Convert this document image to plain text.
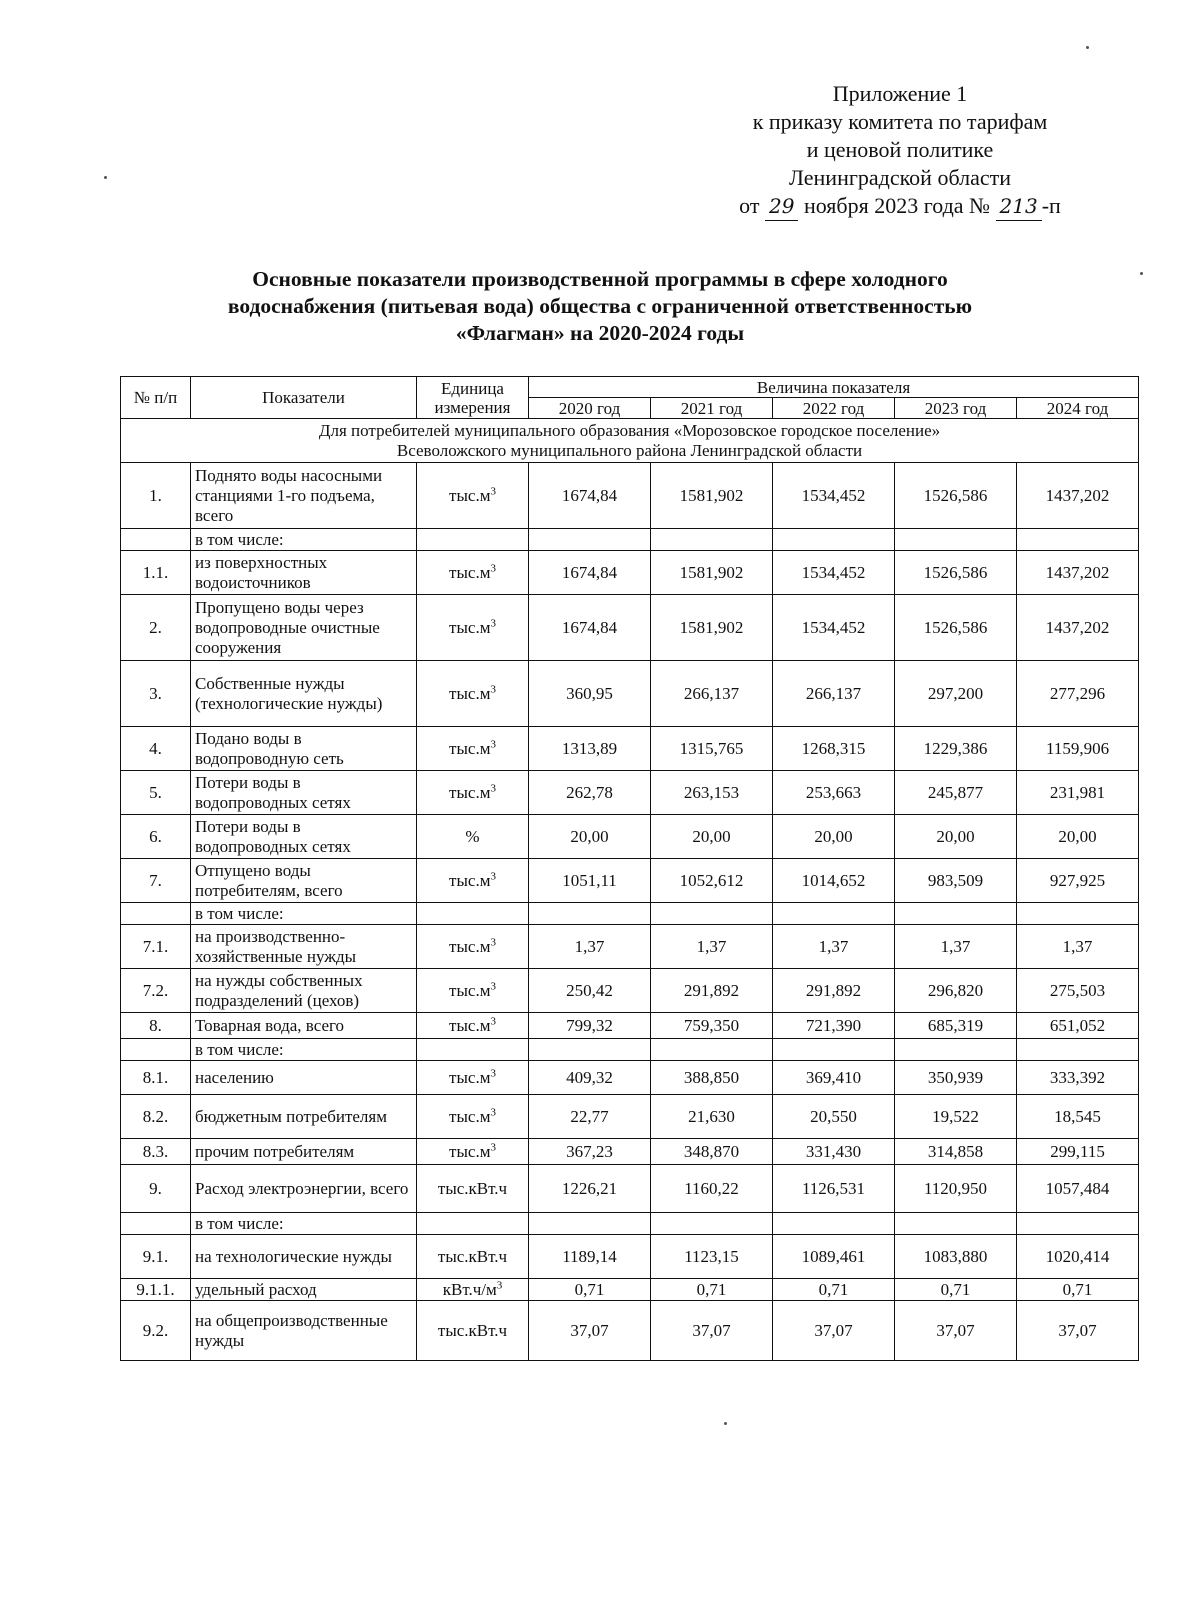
Приложение 1
к приказу комитета по тарифам
и ценовой политике
Ленинградской области
от 29 ноября 2023 года № 213 -п
Основные показатели производственной программы в сфере холодного
водоснабжения (питьевая вода) общества с ограниченной ответственностью
«Флагман» на 2020-2024 годы
№ п/п	Показатели	Единица измерения	Величина показателя				
			2020 год	2021 год	2022 год	2023 год	2024 год

Для потребителей муниципального образования «Морозовское городское поселение»
Всеволожского муниципального района Ленинградской области							

1.	Поднято воды насосными станциями 1-го подъема, всего	$тыс.м^3$	1674,84	1581,902	1534,452	1526,586	1437,202
	в том числе:						
1.1.	из поверхностных водоисточников	$тыс.м^3$	1674,84	1581,902	1534,452	1526,586	1437,202
2.	Пропущено воды через водопроводные очистные сооружения	$тыс.м^3$	1674,84	1581,902	1534,452	1526,586	1437,202
3.	Собственные нужды (технологические нужды)	$тыс.м^3$	360,95	266,137	266,137	297,200	277,296
4.	Подано воды в водопроводную сеть	$тыс.м^3$	1313,89	1315,765	1268,315	1229,386	1159,906
5.	Потери воды в водопроводных сетях	$тыс.м^3$	262,78	263,153	253,663	245,877	231,981
6.	Потери воды в водопроводных сетях	%	20,00	20,00	20,00	20,00	20,00
7.	Отпущено воды потребителям, всего	$тыс.м^3$	1051,11	1052,612	1014,652	983,509	927,925
	в том числе:						
7.1.	на производственно-хозяйственные нужды	$тыс.м^3$	1,37	1,37	1,37	1,37	1,37
7.2.	на нужды собственных подразделений (цехов)	$тыс.м^3$	250,42	291,892	291,892	296,820	275,503
8.	Товарная вода, всего	$тыс.м^3$	799,32	759,350	721,390	685,319	651,052
	в том числе:						
8.1.	населению	$тыс.м^3$	409,32	388,850	369,410	350,939	333,392
8.2.	бюджетным потребителям	$тыс.м^3$	22,77	21,630	20,550	19,522	18,545
8.3.	прочим потребителям	$тыс.м^3$	367,23	348,870	331,430	314,858	299,115
9.	Расход электроэнергии, всего	тыс.кВт.ч	1226,21	1160,22	1126,531	1120,950	1057,484
	в том числе:						
9.1.	на технологические нужды	тыс.кВт.ч	1189,14	1123,15	1089,461	1083,880	1020,414
9.1.1.	удельный расход	$кВт.ч/м^3$	0,71	0,71	0,71	0,71	0,71
9.2.	на общепроизводственные нужды	тыс.кВт.ч	37,07	37,07	37,07	37,07	37,07
